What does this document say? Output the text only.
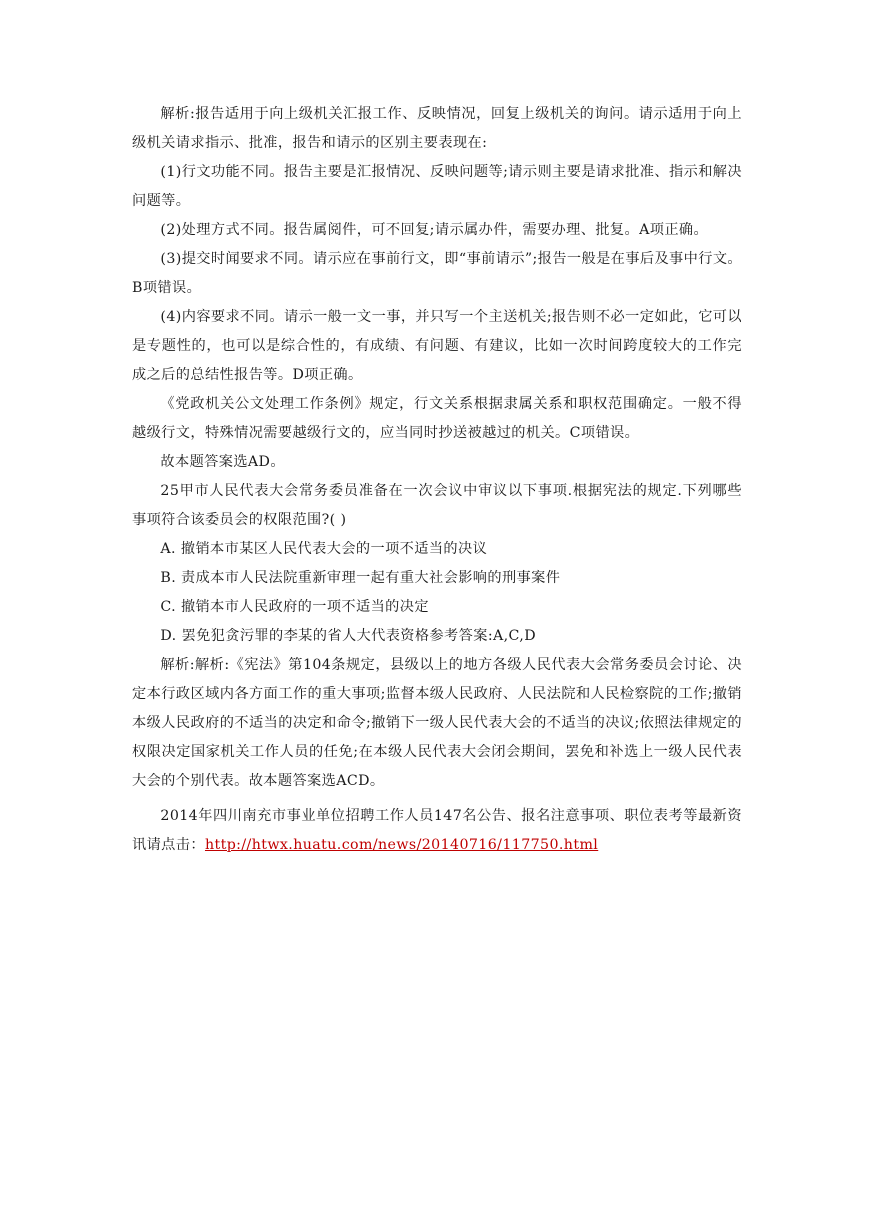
解析:报告适用于向上级机关汇报工作、反映情况，回复上级机关的询问。请示适用于向上级机关请求指示、批准，报告和请示的区别主要表现在:

(1)行文功能不同。报告主要是汇报情况、反映问题等;请示则主要是请求批准、指示和解决问题等。

(2)处理方式不同。报告属阅件，可不回复;请示属办件，需要办理、批复。A项正确。

(3)提交时闻要求不同。请示应在事前行文，即“事前请示”;报告一般是在事后及事中行文。B项错误。

(4)内容要求不同。请示一般一文一事，并只写一个主送机关;报告则不必一定如此，它可以是专题性的，也可以是综合性的，有成绩、有问题、有建议，比如一次时间跨度较大的工作完成之后的总结性报告等。D项正确。

《党政机关公文处理工作条例》规定，行文关系根据隶属关系和职权范围确定。一般不得越级行文，特殊情况需要越级行文的，应当同时抄送被越过的机关。C项错误。

故本题答案选AD。

25甲市人民代表大会常务委员准备在一次会议中审议以下事项.根据宪法的规定.下列哪些事项符合该委员会的权限范围?( )

A. 撤销本市某区人民代表大会的一项不适当的决议

B. 责成本市人民法院重新审理一起有重大社会影响的刑事案件

C. 撤销本市人民政府的一项不适当的决定

D. 罢免犯贪污罪的李某的省人大代表资格参考答案:A,C,D

解析:解析:《宪法》第104条规定，县级以上的地方各级人民代表大会常务委员会讨论、决定本行政区域内各方面工作的重大事项;监督本级人民政府、人民法院和人民检察院的工作;撤销本级人民政府的不适当的决定和命令;撤销下一级人民代表大会的不适当的决议;依照法律规定的权限决定国家机关工作人员的任免;在本级人民代表大会闭会期间，罢免和补选上一级人民代表大会的个别代表。故本题答案选ACD。

2014年四川南充市事业单位招聘工作人员147名公告、报名注意事项、职位表考等最新资讯请点击：http://htwx.huatu.com/news/20140716/117750.html
